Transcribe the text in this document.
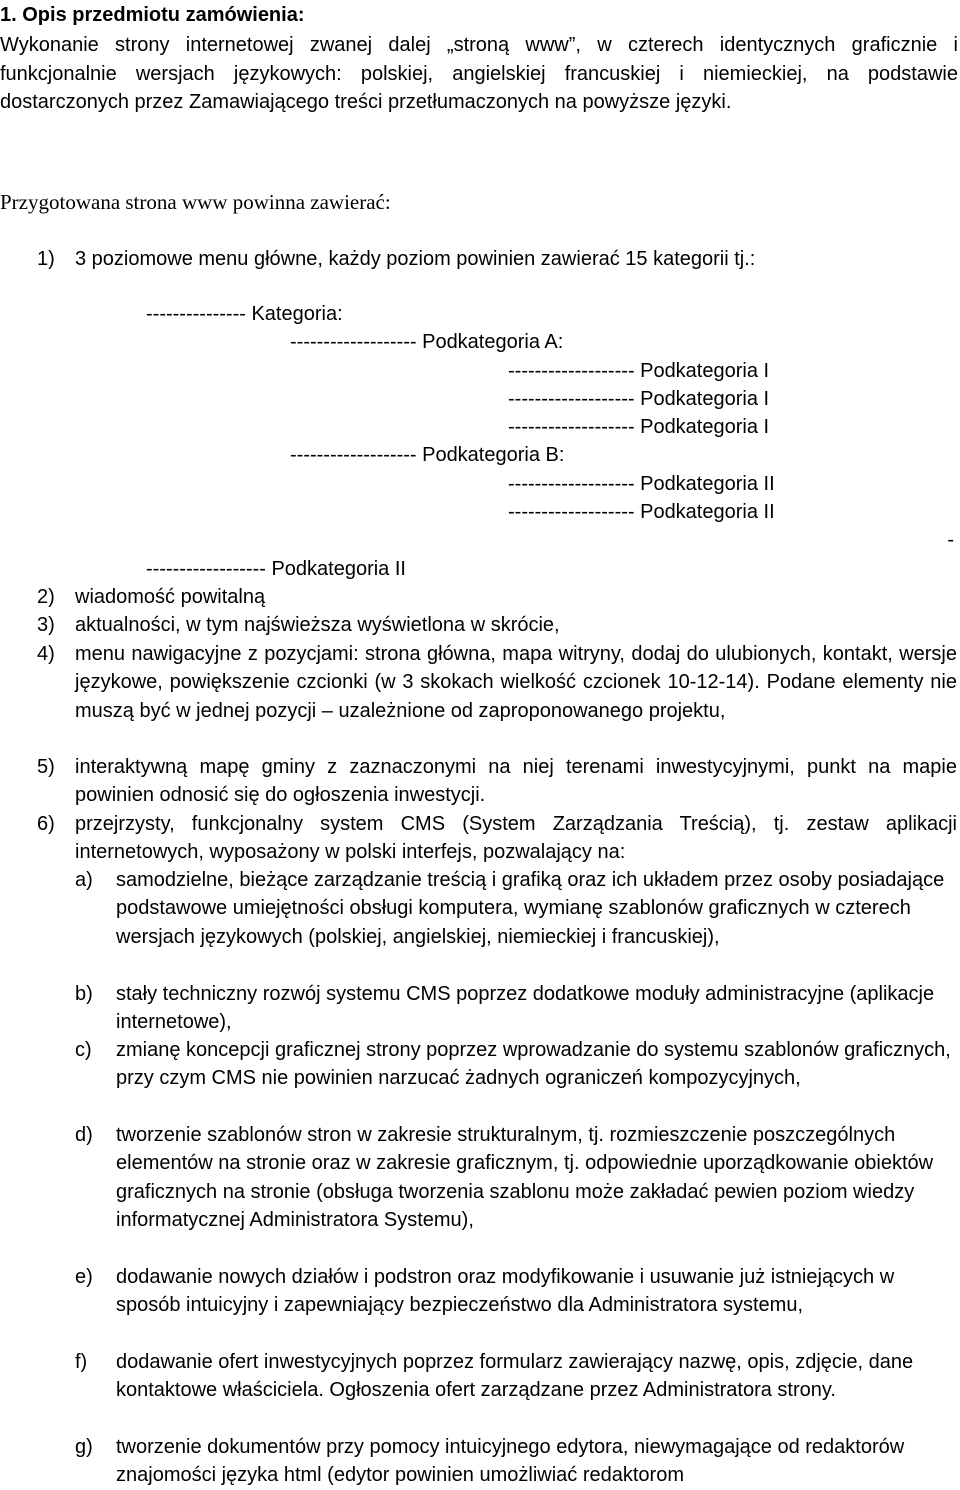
1. Opis przedmiotu zamówienia:
Wykonanie strony internetowej zwanej dalej „stroną www”, w czterech identycznych graficznie i funkcjonalnie wersjach językowych: polskiej, angielskiej francuskiej i niemieckiej, na podstawie dostarczonych przez Zamawiającego treści przetłumaczonych na powyższe języki.
Przygotowana strona www powinna zawierać:
1) 3 poziomowe menu główne, każdy poziom powinien zawierać 15 kategorii tj.:
--------------- Kategoria:
------------------- Podkategoria A:
------------------- Podkategoria I
------------------- Podkategoria I
------------------- Podkategoria I
------------------- Podkategoria B:
------------------- Podkategoria II
------------------- Podkategoria II
-
------------------ Podkategoria II
2) wiadomość powitalną
3) aktualności, w tym najświeższa wyświetlona w skrócie,
4) menu nawigacyjne z pozycjami: strona główna, mapa witryny, dodaj do ulubionych, kontakt, wersje językowe, powiększenie czcionki (w 3 skokach wielkość czcionek 10-12-14). Podane elementy nie muszą być w jednej pozycji – uzależnione od zaproponowanego projektu,
5) interaktywną mapę gminy z zaznaczonymi na niej terenami inwestycyjnymi, punkt na mapie powinien odnosić się do ogłoszenia inwestycji.
6) przejrzysty, funkcjonalny system CMS (System Zarządzania Treścią), tj. zestaw aplikacji internetowych, wyposażony w polski interfejs, pozwalający na:
a) samodzielne, bieżące zarządzanie treścią i grafiką oraz ich układem przez osoby posiadające podstawowe umiejętności obsługi komputera, wymianę szablonów graficznych w czterech wersjach językowych (polskiej, angielskiej, niemieckiej i francuskiej),
b) stały techniczny rozwój systemu CMS poprzez dodatkowe moduły administracyjne (aplikacje internetowe),
c) zmianę koncepcji graficznej strony poprzez wprowadzanie do systemu szablonów graficznych, przy czym CMS nie powinien narzucać żadnych ograniczeń kompozycyjnych,
d) tworzenie szablonów stron w zakresie strukturalnym, tj. rozmieszczenie poszczególnych elementów na stronie oraz w zakresie graficznym, tj. odpowiednie uporządkowanie obiektów graficznych na stronie (obsługa tworzenia szablonu może zakładać pewien poziom wiedzy informatycznej Administratora Systemu),
e) dodawanie nowych działów i podstron oraz modyfikowanie i usuwanie już istniejących w sposób intuicyjny i zapewniający bezpieczeństwo dla Administratora systemu,
f) dodawanie ofert inwestycyjnych poprzez formularz zawierający nazwę, opis, zdjęcie, dane kontaktowe właściciela. Ogłoszenia ofert zarządzane przez Administratora strony.
g) tworzenie dokumentów przy pomocy intuicyjnego edytora, niewymagające od redaktorów znajomości języka html (edytor powinien umożliwiać redaktorom
